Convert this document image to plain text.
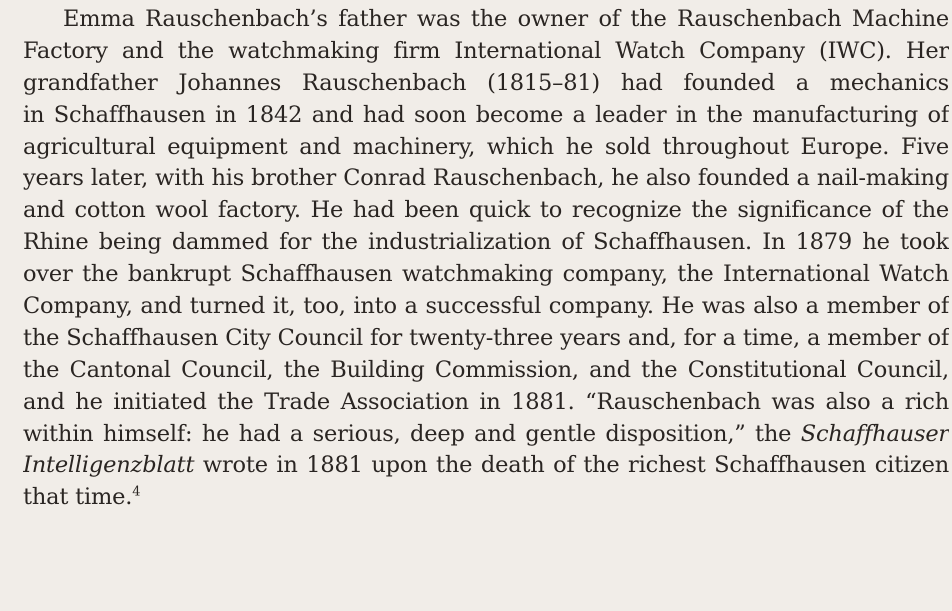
Emma Rauschenbach’s father was the owner of the Rauschenbach Machine
Factory and the watchmaking firm International Watch Company (IWC). Her
grandfather Johannes Rauschenbach (1815–81) had founded a mechanics
in Schaffhausen in 1842 and had soon become a leader in the manufacturing of
agricultural equipment and machinery, which he sold throughout Europe. Five
years later, with his brother Conrad Rauschenbach, he also founded a nail-making
and cotton wool factory. He had been quick to recognize the significance of the
Rhine being dammed for the industrialization of Schaffhausen. In 1879 he took
over the bankrupt Schaffhausen watchmaking company, the International Watch
Company, and turned it, too, into a successful company. He was also a member of
the Schaffhausen City Council for twenty-three years and, for a time, a member of
the Cantonal Council, the Building Commission, and the Constitutional Council,
and he initiated the Trade Association in 1881. “Rauschenbach was also a rich
within himself: he had a serious, deep and gentle disposition,” the Schaffhauser
Intelligenzblatt wrote in 1881 upon the death of the richest Schaffhausen citizen
that time.$^4$
